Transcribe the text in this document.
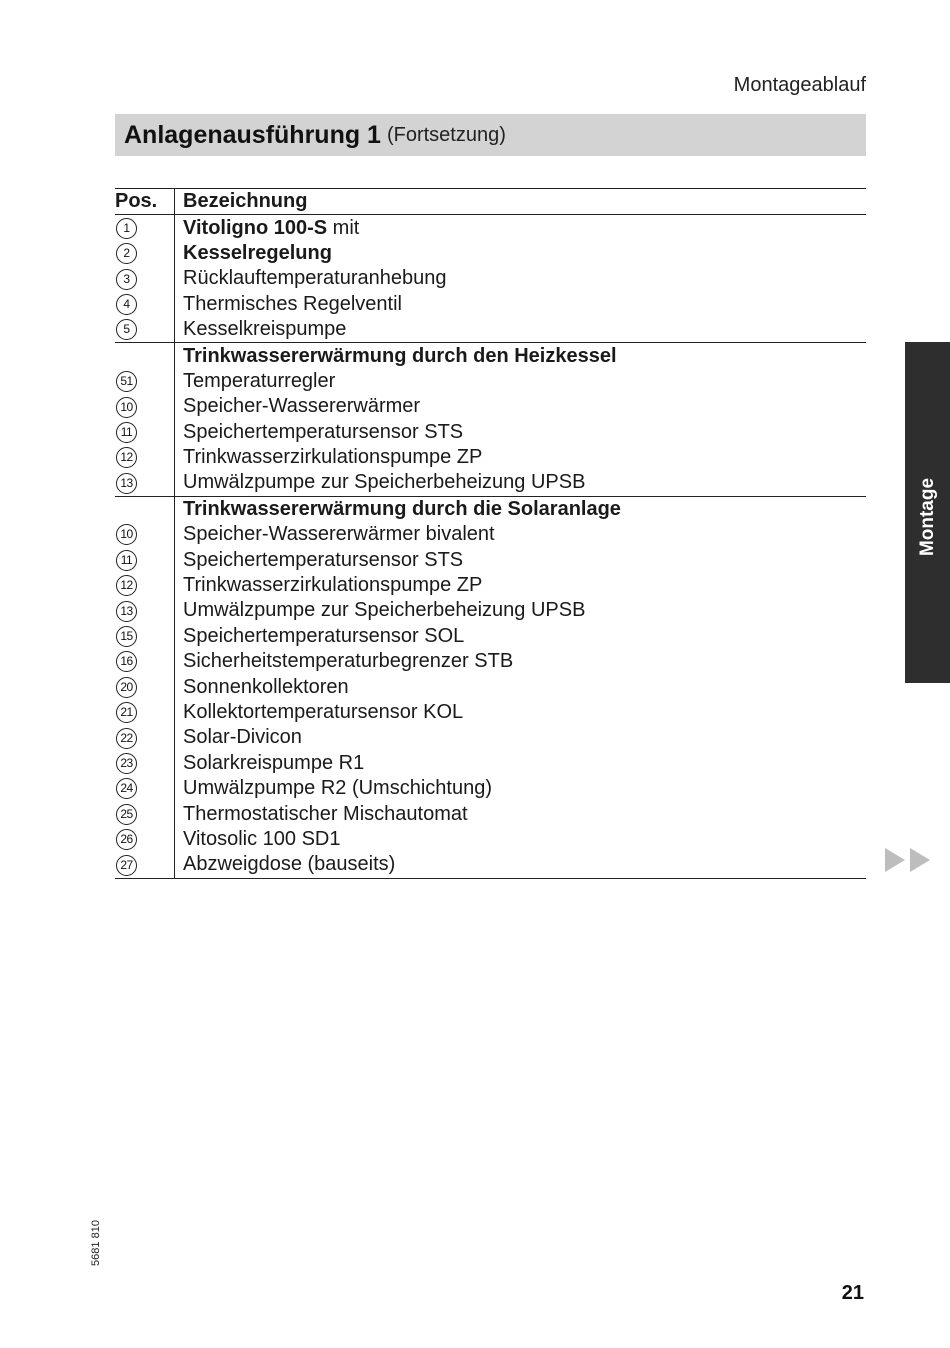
Montageablauf
Anlagenausführung 1 (Fortsetzung)
Pos.	Bezeichnung
1	Vitoligno 100-S mit
2	Kesselregelung
3	Rücklauftemperaturanhebung
4	Thermisches Regelventil
5	Kesselkreispumpe
	Trinkwassererwärmung durch den Heizkessel
51	Temperaturregler
10	Speicher-Wassererwärmer
11	Speichertemperatursensor STS
12	Trinkwasserzirkulationspumpe ZP
13	Umwälzpumpe zur Speicherbeheizung UPSB
	Trinkwassererwärmung durch die Solaranlage
10	Speicher-Wassererwärmer bivalent
11	Speichertemperatursensor STS
12	Trinkwasserzirkulationspumpe ZP
13	Umwälzpumpe zur Speicherbeheizung UPSB
15	Speichertemperatursensor SOL
16	Sicherheitstemperaturbegrenzer STB
20	Sonnenkollektoren
21	Kollektortemperatursensor KOL
22	Solar-Divicon
23	Solarkreispumpe R1
24	Umwälzpumpe R2 (Umschichtung)
25	Thermostatischer Mischautomat
26	Vitosolic 100 SD1
27	Abzweigdose (bauseits)
Montage
5681 810
21
